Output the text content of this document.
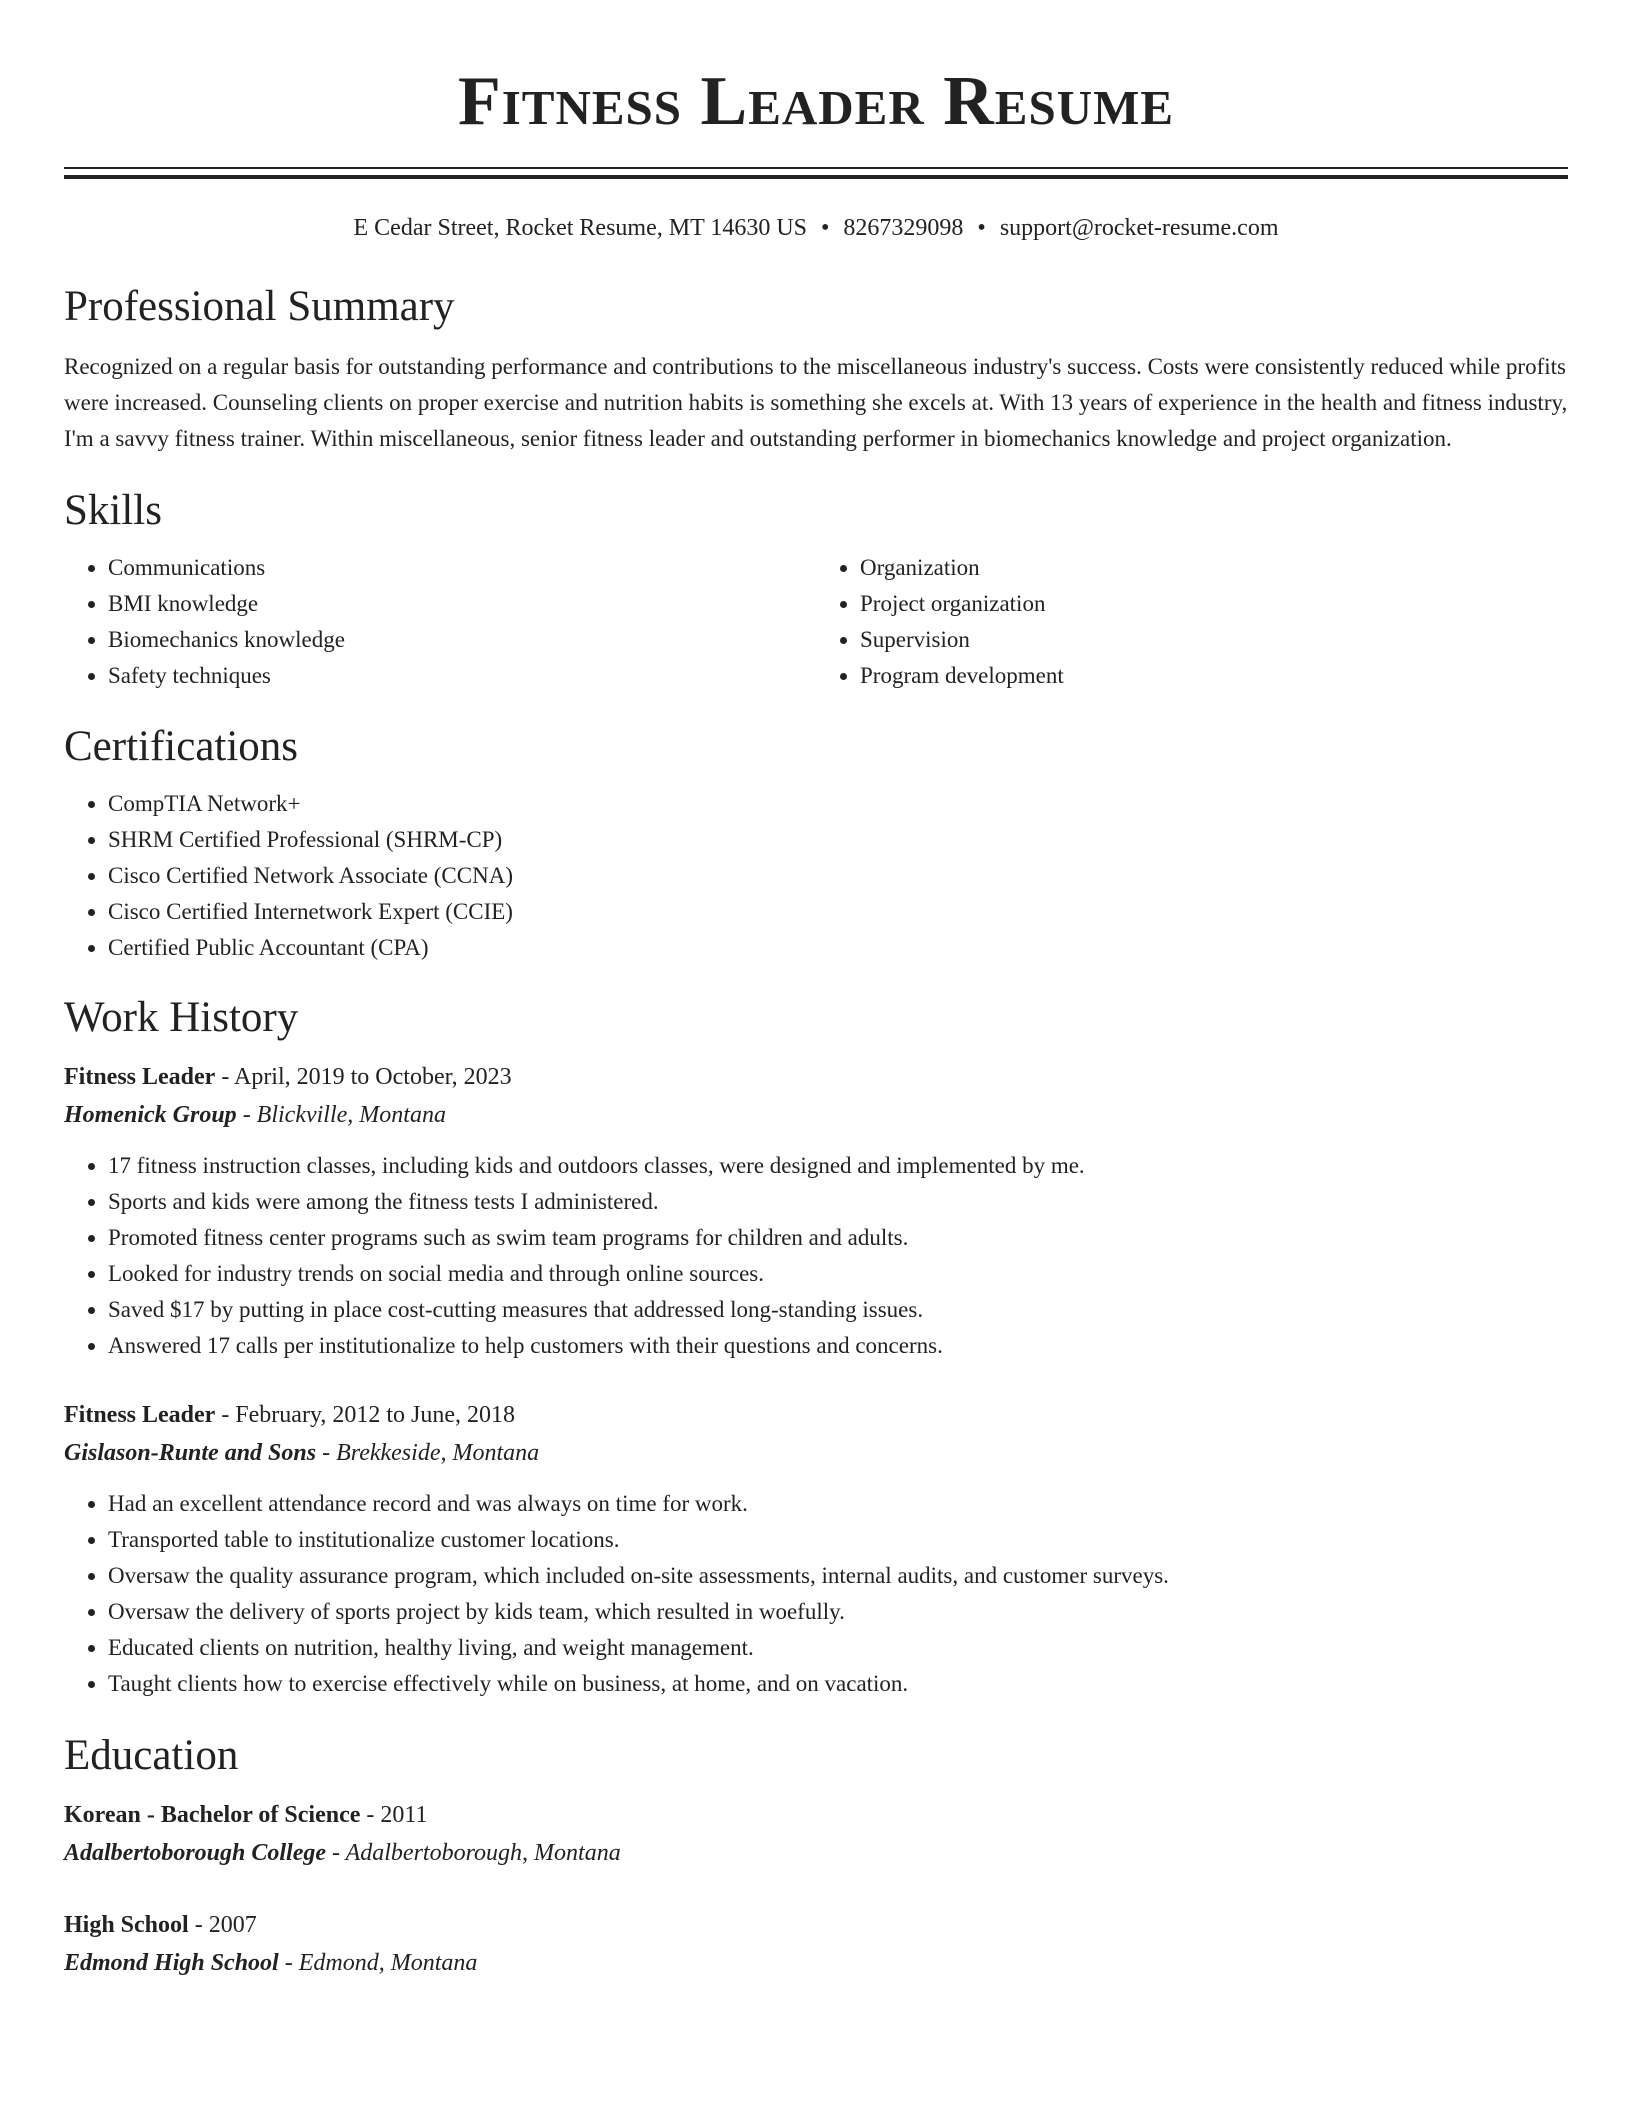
Fitness Leader Resume
E Cedar Street, Rocket Resume, MT 14630 US • 8267329098 • support@rocket-resume.com
Professional Summary

Recognized on a regular basis for outstanding performance and contributions to the miscellaneous industry's success. Costs were consistently reduced while profits were increased. Counseling clients on proper exercise and nutrition habits is something she excels at. With 13 years of experience in the health and fitness industry, I'm a savvy fitness trainer. Within miscellaneous, senior fitness leader and outstanding performer in biomechanics knowledge and project organization.

Skills
• Communications
• BMI knowledge
• Biomechanics knowledge
• Safety techniques
• Organization
• Project organization
• Supervision
• Program development
Certifications
• CompTIA Network+
• SHRM Certified Professional (SHRM-CP)
• Cisco Certified Network Associate (CCNA)
• Cisco Certified Internetwork Expert (CCIE)
• Certified Public Accountant (CPA)
Work History
Fitness Leader - April, 2019 to October, 2023
Homenick Group - Blickville, Montana
• 17 fitness instruction classes, including kids and outdoors classes, were designed and implemented by me.
• Sports and kids were among the fitness tests I administered.
• Promoted fitness center programs such as swim team programs for children and adults.
• Looked for industry trends on social media and through online sources.
• Saved $17 by putting in place cost-cutting measures that addressed long-standing issues.
• Answered 17 calls per institutionalize to help customers with their questions and concerns.
Fitness Leader - February, 2012 to June, 2018
Gislason-Runte and Sons - Brekkeside, Montana
• Had an excellent attendance record and was always on time for work.
• Transported table to institutionalize customer locations.
• Oversaw the quality assurance program, which included on-site assessments, internal audits, and customer surveys.
• Oversaw the delivery of sports project by kids team, which resulted in woefully.
• Educated clients on nutrition, healthy living, and weight management.
• Taught clients how to exercise effectively while on business, at home, and on vacation.
Education
Korean - Bachelor of Science - 2011
Adalbertoborough College - Adalbertoborough, Montana
High School - 2007
Edmond High School - Edmond, Montana
